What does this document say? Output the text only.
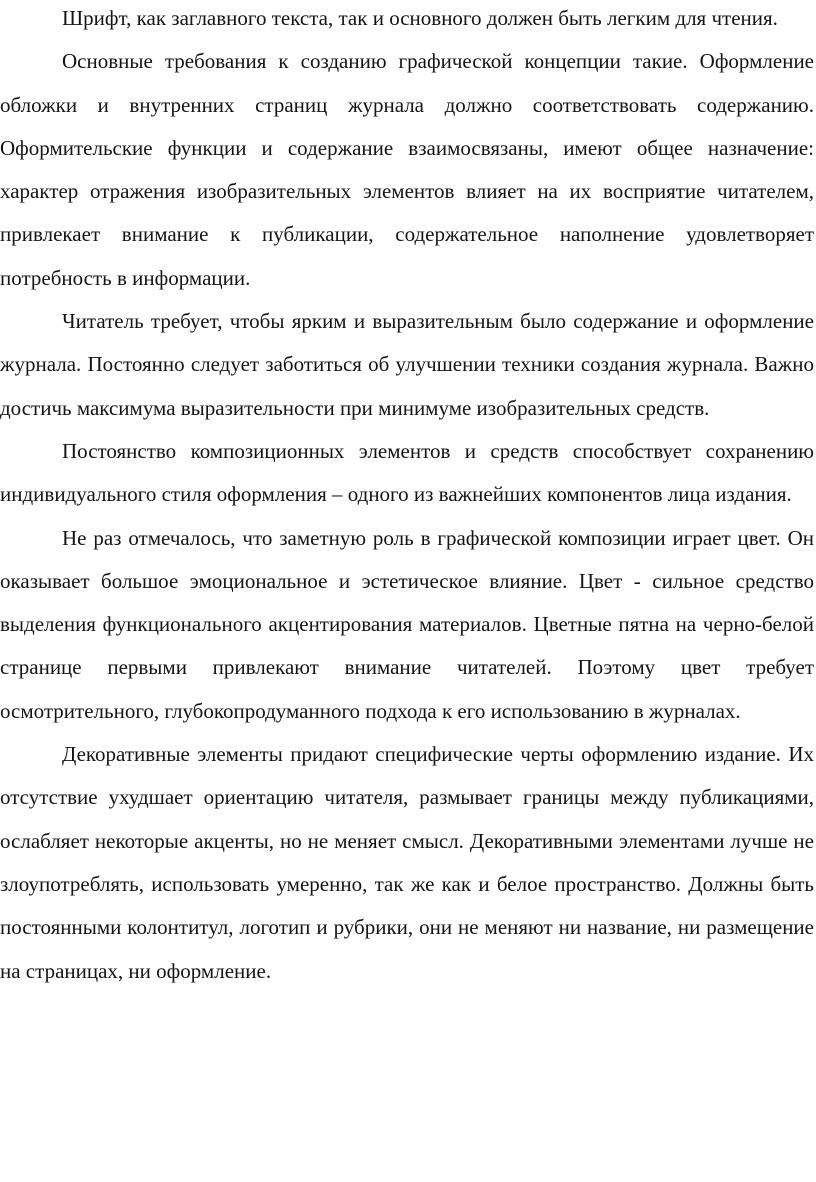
Шрифт, как заглавного текста, так и основного должен быть легким для чтения.

Основные требования к созданию графической концепции такие. Оформление обложки и внутренних страниц журнала должно соответствовать содержанию. Оформительские функции и содержание взаимосвязаны, имеют общее назначение: характер отражения изобразительных элементов влияет на их восприятие читателем, привлекает внимание к публикации, содержательное наполнение удовлетворяет потребность в информации.

Читатель требует, чтобы ярким и выразительным было содержание и оформление журнала. Постоянно следует заботиться об улучшении техники создания журнала. Важно достичь максимума выразительности при минимуме изобразительных средств.

Постоянство композиционных элементов и средств способствует сохранению индивидуального стиля оформления – одного из важнейших компонентов лица издания.

Не раз отмечалось, что заметную роль в графической композиции играет цвет. Он оказывает большое эмоциональное и эстетическое влияние. Цвет - сильное средство выделения функционального акцентирования материалов. Цветные пятна на черно-белой странице первыми привлекают внимание читателей. Поэтому цвет требует осмотрительного, глубокопродуманного подхода к его использованию в журналах.

Декоративные элементы придают специфические черты оформлению издание. Их отсутствие ухудшает ориентацию читателя, размывает границы между публикациями, ослабляет некоторые акценты, но не меняет смысл. Декоративными элементами лучше не злоупотреблять, использовать умеренно, так же как и белое пространство. Должны быть постоянными колонтитул, логотип и рубрики, они не меняют ни название, ни размещение на страницах, ни оформление.
